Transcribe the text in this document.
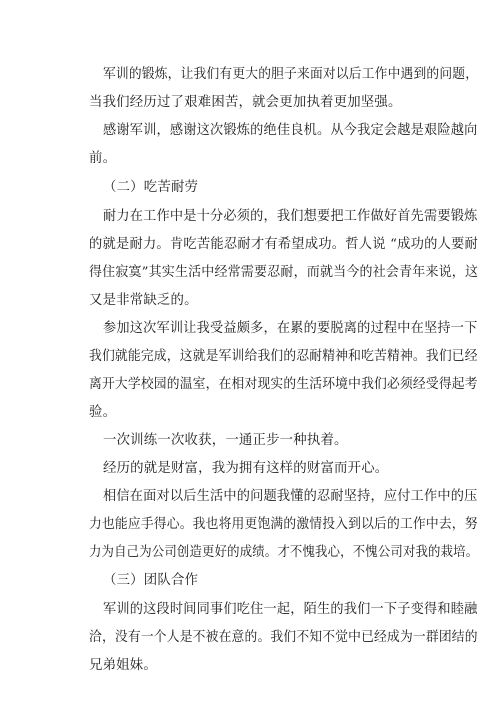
军训的锻炼，让我们有更大的胆子来面对以后工作中遇到的问题，
当我们经历过了艰难困苦，就会更加执着更加坚强。
感谢军训，感谢这次锻炼的绝佳良机。从今我定会越是艰险越向
前。
（二）吃苦耐劳
耐力在工作中是十分必须的，我们想要把工作做好首先需要锻炼
的就是耐力。肯吃苦能忍耐才有希望成功。哲人说 “成功的人要耐
得住寂寞”其实生活中经常需要忍耐，而就当今的社会青年来说，这
又是非常缺乏的。
参加这次军训让我受益颇多，在累的要脱离的过程中在坚持一下
我们就能完成，这就是军训给我们的忍耐精神和吃苦精神。我们已经
离开大学校园的温室，在相对现实的生活环境中我们必须经受得起考
验。
一次训练一次收获，一通正步一种执着。
经历的就是财富，我为拥有这样的财富而开心。
相信在面对以后生活中的问题我懂的忍耐坚持，应付工作中的压
力也能应手得心。我也将用更饱满的激情投入到以后的工作中去，努
力为自己为公司创造更好的成绩。才不愧我心，不愧公司对我的栽培。
（三）团队合作
军训的这段时间同事们吃住一起，陌生的我们一下子变得和睦融
洽，没有一个人是不被在意的。我们不知不觉中已经成为一群团结的
兄弟姐妹。
